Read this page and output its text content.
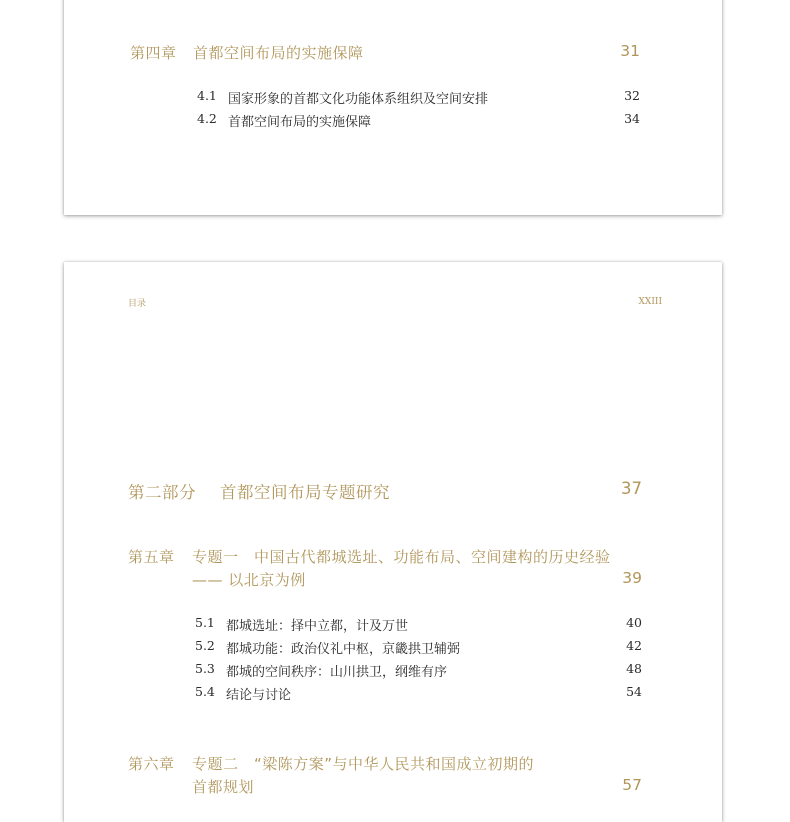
第四章 首都空间布局的实施保障	31
4.1 国家形象的首都文化功能体系组织及空间安排	32
4.2 首都空间布局的实施保障	34
目录	XXIII
第二部分 首都空间布局专题研究	37
第五章 专题一　中国古代都城选址、功能布局、空间建构的历史经验
—— 以北京为例	39
5.1 都城选址：择中立都，计及万世	40
5.2 都城功能：政治仪礼中枢，京畿拱卫辅弼	42
5.3 都城的空间秩序：山川拱卫，纲维有序	48
5.4 结论与讨论	54
第六章 专题二　“梁陈方案”与中华人民共和国成立初期的
首都规划	57
